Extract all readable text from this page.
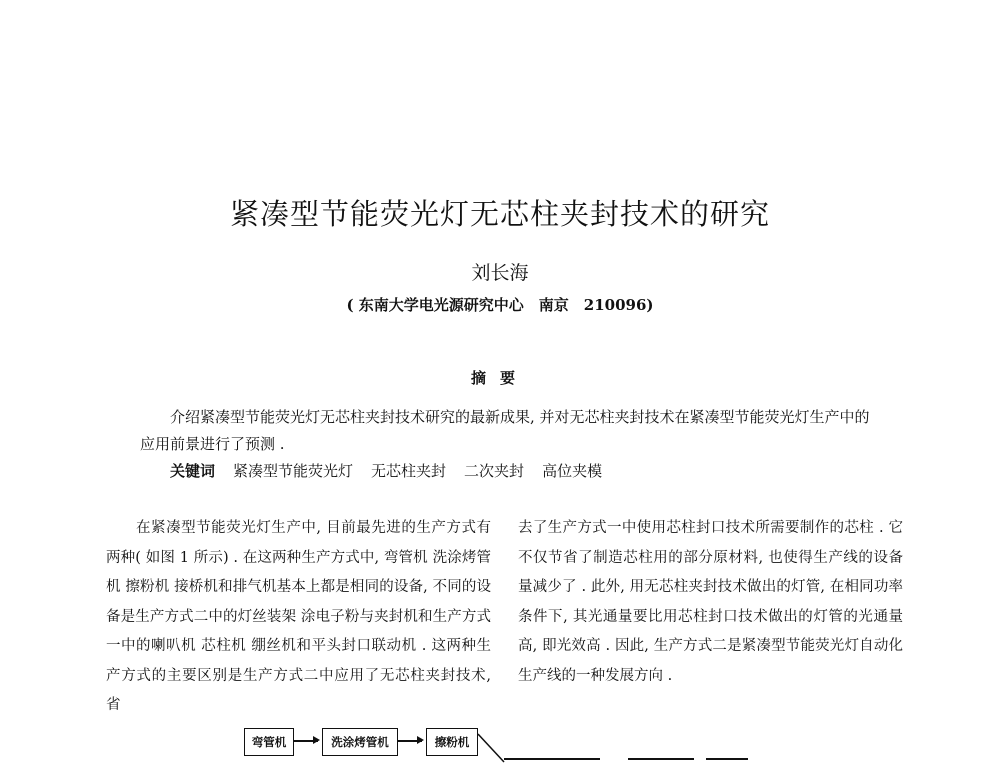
紧凑型节能荧光灯无芯柱夹封技术的研究
刘长海
( 东南大学电光源研究中心　南京　210096)
摘要

介绍紧凑型节能荧光灯无芯柱夹封技术研究的最新成果, 并对无芯柱夹封技术在紧凑型节能荧光灯生产中的应用前景进行了预测 .

关键词 紧凑型节能荧光灯 无芯柱夹封 二次夹封 高位夹模

在紧凑型节能荧光灯生产中, 目前最先进的生产方式有两种( 如图 1 所示) . 在这两种生产方式中, 弯管机 洗涂烤管机 擦粉机 接桥机和排气机基本上都是相同的设备, 不同的设备是生产方式二中的灯丝装架 涂电子粉与夹封机和生产方式一中的喇叭机 芯柱机 绷丝机和平头封口联动机 . 这两种生产方式的主要区别是生产方式二中应用了无芯柱夹封技术, 省

去了生产方式一中使用芯柱封口技术所需要制作的芯柱 . 它不仅节省了制造芯柱用的部分原材料, 也使得生产线的设备量减少了 . 此外, 用无芯柱夹封技术做出的灯管, 在相同功率条件下, 其光通量要比用芯柱封口技术做出的灯管的光通量高, 即光效高 . 因此, 生产方式二是紧凑型节能荧光灯自动化生产线的一种发展方向 .

弯管机	洗涂烤管机	擦粉机
